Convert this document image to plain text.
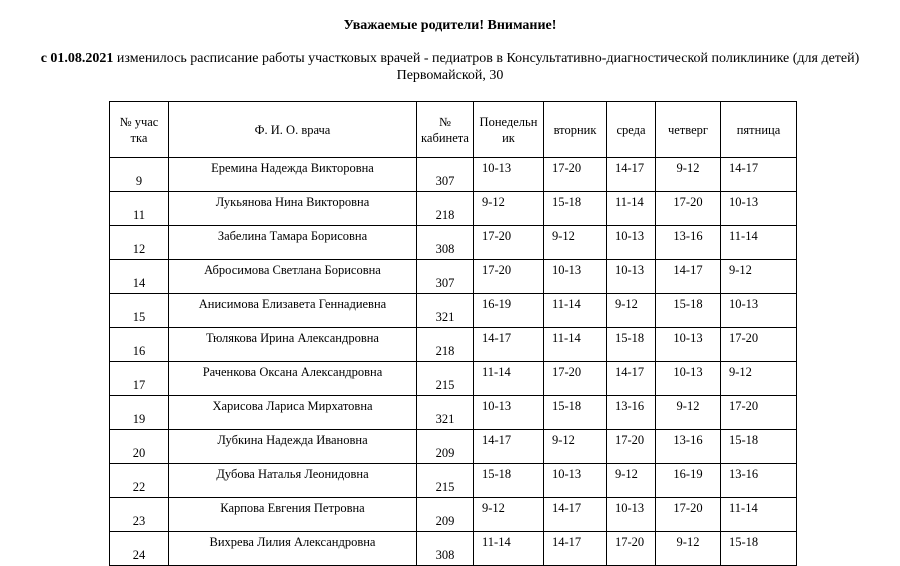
Уважаемые родители! Внимание!
с 01.08.2021 изменилось расписание работы участковых врачей - педиатров в Консультативно-диагностической поликлинике (для детей)
Первомайской, 30
№ участка	Ф. И. О. врача	№ кабинета	Понедельник	вторник	среда	четверг	пятница
9	Еремина Надежда Викторовна	307	10-13	17-20	14-17	9-12	14-17
11	Лукьянова Нина Викторовна	218	9-12	15-18	11-14	17-20	10-13
12	Забелина Тамара Борисовна	308	17-20	9-12	10-13	13-16	11-14
14	Абросимова Светлана Борисовна	307	17-20	10-13	10-13	14-17	9-12
15	Анисимова Елизавета Геннадиевна	321	16-19	11-14	9-12	15-18	10-13
16	Тюлякова Ирина Александровна	218	14-17	11-14	15-18	10-13	17-20
17	Раченкова Оксана Александровна	215	11-14	17-20	14-17	10-13	9-12
19	Харисова Лариса Мирхатовна	321	10-13	15-18	13-16	9-12	17-20
20	Лубкина Надежда Ивановна	209	14-17	9-12	17-20	13-16	15-18
22	Дубова Наталья Леонидовна	215	15-18	10-13	9-12	16-19	13-16
23	Карпова Евгения Петровна	209	9-12	14-17	10-13	17-20	11-14
24	Вихрева Лилия Александровна	308	11-14	14-17	17-20	9-12	15-18
